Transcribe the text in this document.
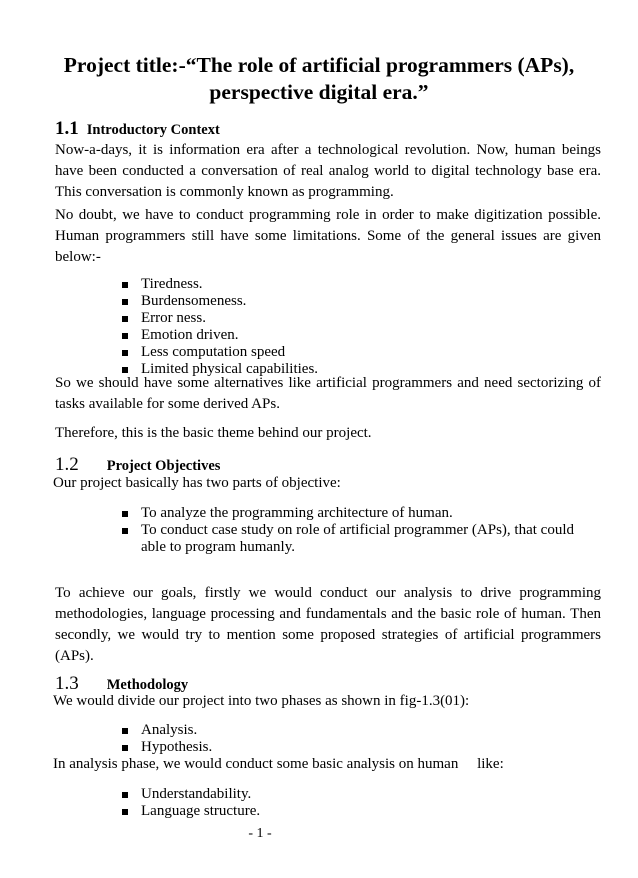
Project title:-“The role of artificial programmers (APs),
perspective digital era.”
1.1 Introductory Context
Now-a-days, it is information era after a technological revolution. Now, human beings have been conducted a conversation of real analog world to digital technology base era. This conversation is commonly known as programming.
No doubt, we have to conduct programming role in order to make digitization possible. Human programmers still have some limitations. Some of the general issues are given below:-
Tiredness.
Burdensomeness.
Error ness.
Emotion driven.
Less computation speed
Limited physical capabilities.
So we should have some alternatives like artificial programmers and need sectorizing of tasks available for some derived APs.
Therefore, this is the basic theme behind our project.
1.2 Project Objectives
Our project basically has two parts of objective:
To analyze the programming architecture of human.
To conduct case study on role of artificial programmer (APs), that could able to program humanly.
To achieve our goals, firstly we would conduct our analysis to drive programming methodologies, language processing and fundamentals and the basic role of human. Then secondly, we would try to mention some proposed strategies of artificial programmers (APs).
1.3 Methodology
We would divide our project into two phases as shown in fig-1.3(01):
Analysis.
Hypothesis.
In analysis phase, we would conduct some basic analysis on human     like:
Understandability.
Language structure.
- 1 -
